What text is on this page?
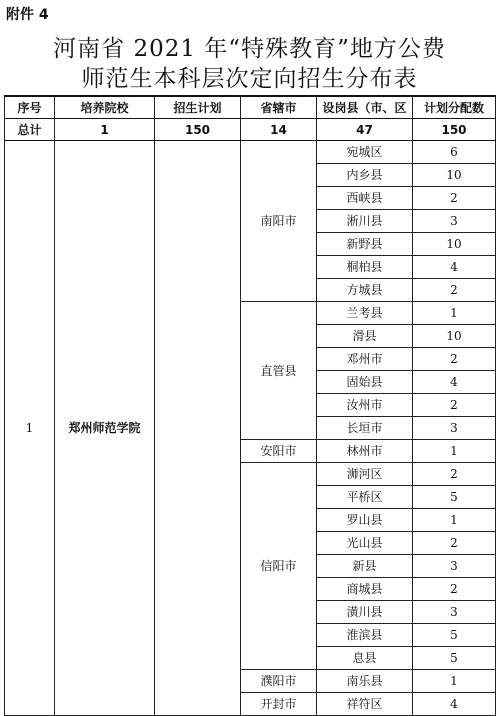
附件 4
河南省 2021 年“特殊教育”地方公费
师范生本科层次定向招生分布表
序号	培养院校	招生计划	省辖市	设岗县（市、区	计划分配数
总计	1	150	14	47	150
1	郑州师范学院		南阳市	宛城区	6
				内乡县	10
				西峡县	2
				淅川县	3
				新野县	10
				桐柏县	4
				方城县	2
			直管县	兰考县	1
				滑县	10
				邓州市	2
				固始县	4
				汝州市	2
				长垣市	3
			安阳市	林州市	1
			信阳市	浉河区	2
				平桥区	5
				罗山县	1
				光山县	2
				新县	3
				商城县	2
				潢川县	3
				淮滨县	5
				息县	5
			濮阳市	南乐县	1
			开封市	祥符区	4
